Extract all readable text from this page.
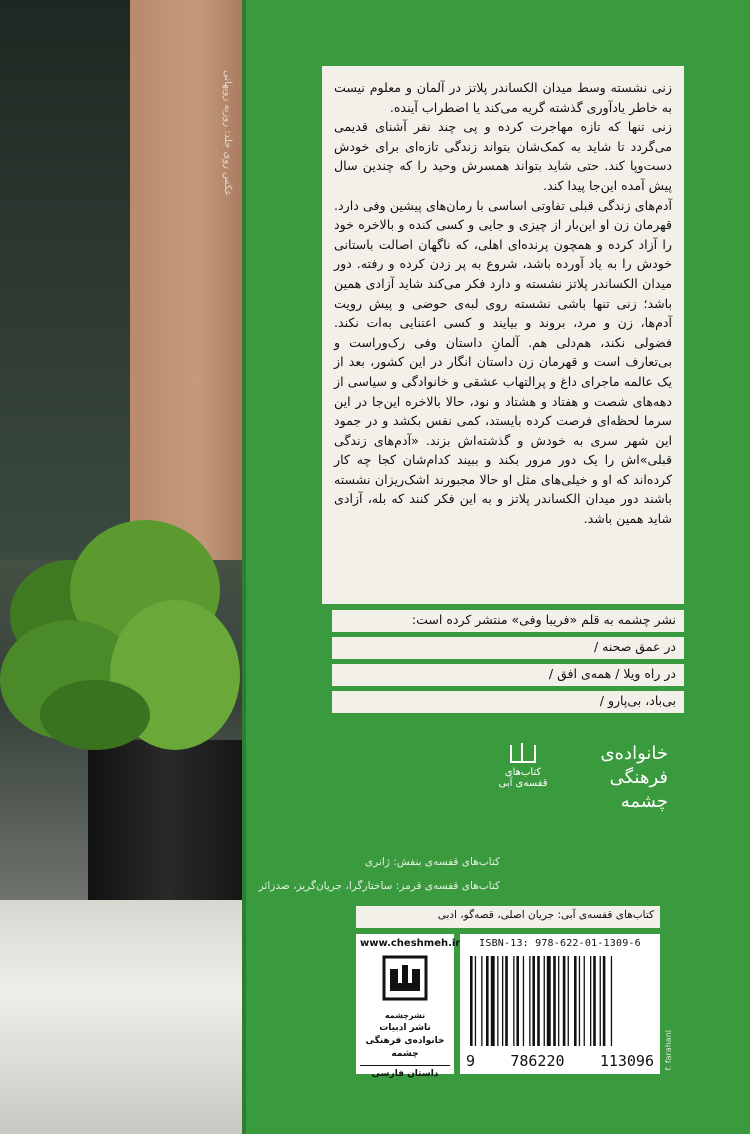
عکس روی جلد: روزبه رویهانی	زنی نشسته وسط میدان الکساندر پلاتز در آلمان و معلوم نیست به خاطر یادآوری گذشته گریه می‌کند یا اضطراب آینده.

زنی تنها که تازه مهاجرت کرده و پی چند نفر آشنای قدیمی می‌گردد تا شاید به کمک‌شان بتواند زندگی تازه‌ای برای خودش دست‌وپا کند. حتی شاید بتواند همسرش وحید را که چندین سال پیش آمده این‌جا پیدا کند.

آدم‌های زندگی قبلی تفاوتی اساسی با رمان‌های پیشین وفی دارد. قهرمان زن او این‌بار از چیزی و جایی و کسی کنده و بالاخره خود را آزاد کرده و همچون پرنده‌ای اهلی، که ناگهان اصالت باستانی خودش را به یاد آورده باشد، شروع به پر زدن کرده و رفته. دور میدان الکساندر پلاتز نشسته و دارد فکر می‌کند شاید آزادی همین باشد؛ زنی تنها باشی نشسته روی لبه‌ی حوضی و پیش رویت آدم‌ها، زن و مرد، بروند و بیایند و کسی اعتنایی به‌ات نکند. فضولی نکند، هم‌دلی هم. آلمانِ داستان وفی رک‌وراست و بی‌تعارف است و قهرمان زن داستان انگار در این کشور، بعد از یک عالمه ماجرای داغ و پرالتهاب عشقی و خانوادگی و سیاسی از دهه‌های شصت و هفتاد و هشتاد و نود، حالا بالاخره این‌جا در این سرما لحظه‌ای فرصت کرده بایستد، کمی نفس بکشد و در جمود این شهر سری به خودش و گذشته‌اش بزند. «آدم‌های زندگی قبلی»اش را یک دور مرور بکند و ببیند کدام‌شان کجا چه کار کرده‌اند که او و خیلی‌های مثل او حالا مجبورند اشک‌ریزان نشسته باشند دور میدان الکساندر پلاتز و به این فکر کنند که بله، آزادی شاید همین باشد.

نشر چشمه به قلم «فریبا وفی» منتشر کرده است:
در عمق صحنه /
در راه ویلا / همه‌ی افق /
بی‌باد، بی‌پارو /
کتاب‌های قفسه‌ی آبی
خانواده‌ی
فرهنگی
چشمه
کتاب‌های قفسه‌ی بنفش: ژانری
کتاب‌های قفسه‌ی قرمز: ساختارگرا، جریان‌گریز، صدزائر
کتاب‌های قفسه‌ی آبی: جریان اصلی، قصه‌گو، ادبی
www.cheshmeh.ir
نشرچشمه
ناشر ادبیات
خانواده‌ی فرهنگی چشمه
داستان فارسی
ISBN-13: 978-622-01-1309-6
9 786220 113096 f. farahani
